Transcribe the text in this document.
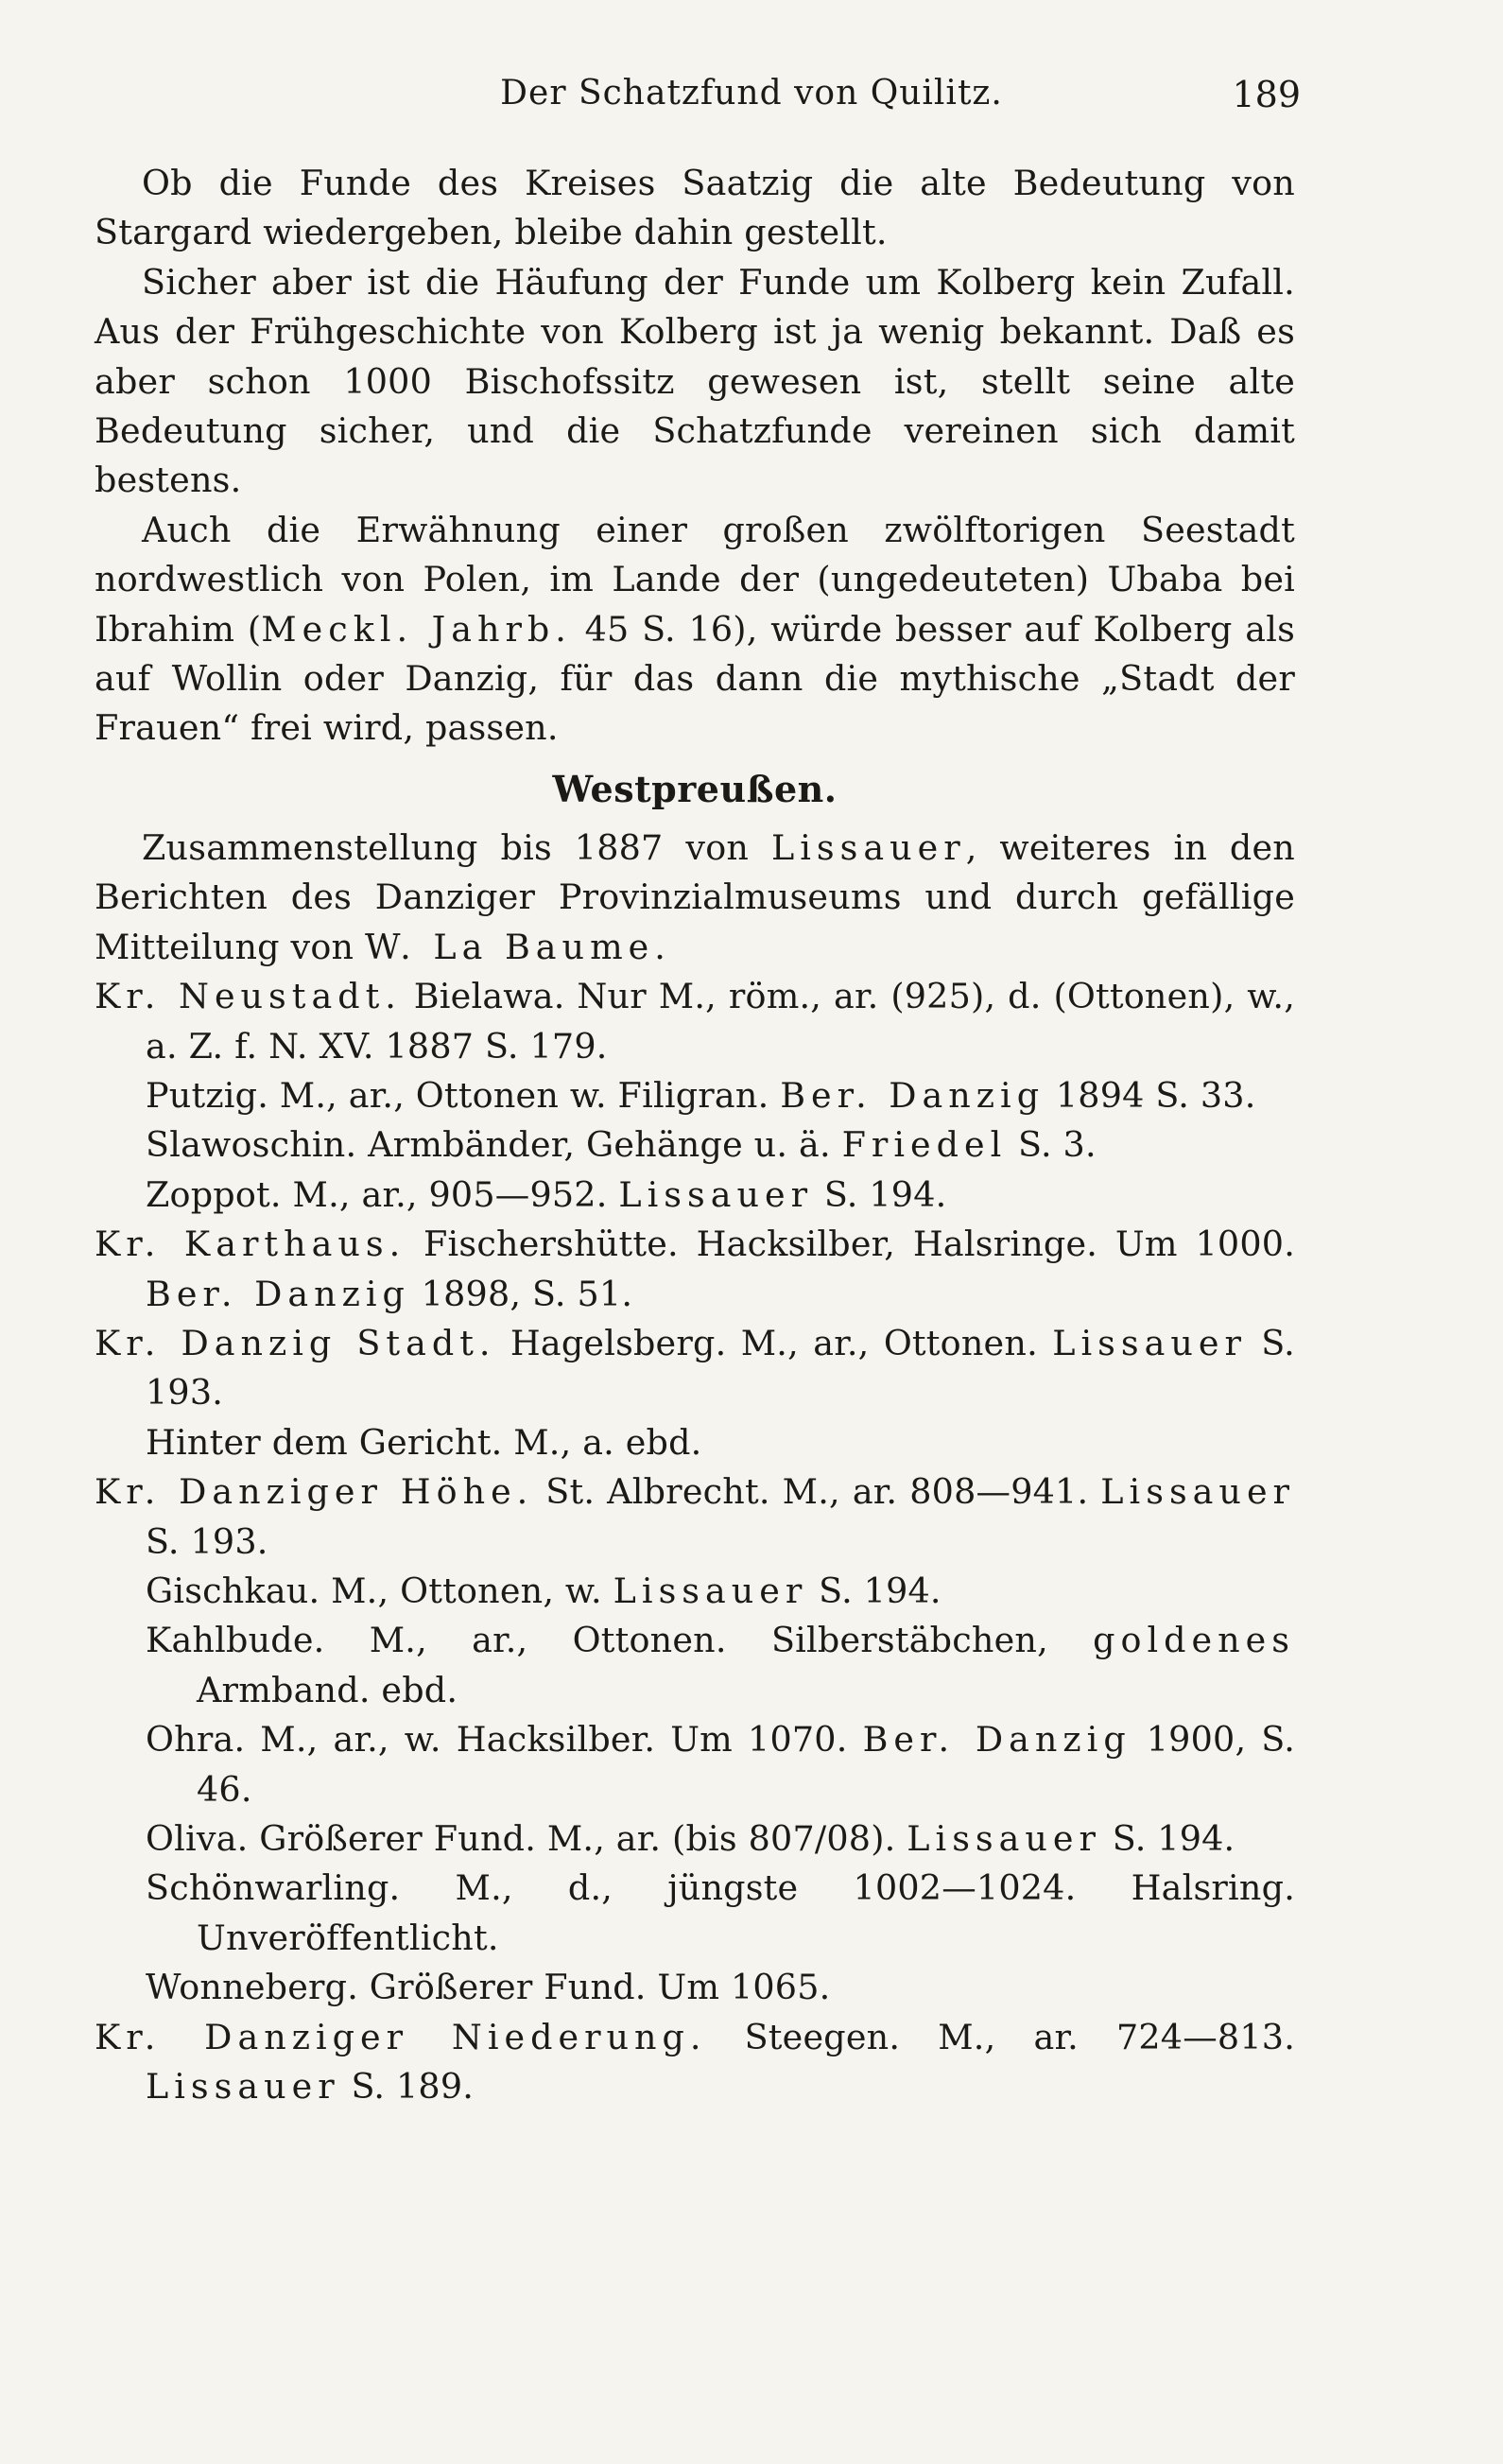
Der Schatzfund von Quilitz.	189

Ob die Funde des Kreises Saatzig die alte Bedeutung von Stargard wiedergeben, bleibe dahin gestellt.

Sicher aber ist die Häufung der Funde um Kolberg kein Zufall. Aus der Frühgeschichte von Kolberg ist ja wenig bekannt. Daß es aber schon 1000 Bischofssitz gewesen ist, stellt seine alte Bedeutung sicher, und die Schatzfunde vereinen sich damit bestens.

Auch die Erwähnung einer großen zwölftorigen Seestadt nordwestlich von Polen, im Lande der (ungedeuteten) Ubaba bei Ibrahim (Meckl. Jahrb. 45 S. 16), würde besser auf Kolberg als auf Wollin oder Danzig, für das dann die mythische „Stadt der Frauen“ frei wird, passen.

Westpreußen.

Zusammenstellung bis 1887 von Lissauer, weiteres in den Berichten des Danziger Provinzialmuseums und durch gefällige Mitteilung von W. La Baume.

Kr. Neustadt. Bielawa. Nur M., röm., ar. (925), d. (Ottonen), w., a. Z. f. N. XV. 1887 S. 179.

Putzig. M., ar., Ottonen w. Filigran. Ber. Danzig 1894 S. 33.

Slawoschin. Armbänder, Gehänge u. ä. Friedel S. 3.

Zoppot. M., ar., 905—952. Lissauer S. 194.

Kr. Karthaus. Fischershütte. Hacksilber, Halsringe. Um 1000. Ber. Danzig 1898, S. 51.

Kr. Danzig Stadt. Hagelsberg. M., ar., Ottonen. Lissauer S. 193.

Hinter dem Gericht. M., a. ebd.

Kr. Danziger Höhe. St. Albrecht. M., ar. 808—941. Lissauer S. 193.

Gischkau. M., Ottonen, w. Lissauer S. 194.

Kahlbude. M., ar., Ottonen. Silberstäbchen, goldenes Armband. ebd.

Ohra. M., ar., w. Hacksilber. Um 1070. Ber. Danzig 1900, S. 46.

Oliva. Größerer Fund. M., ar. (bis 807/08). Lissauer S. 194.

Schönwarling. M., d., jüngste 1002—1024. Halsring. Unveröffentlicht.

Wonneberg. Größerer Fund. Um 1065.

Kr. Danziger Niederung. Steegen. M., ar. 724—813. Lissauer S. 189.
